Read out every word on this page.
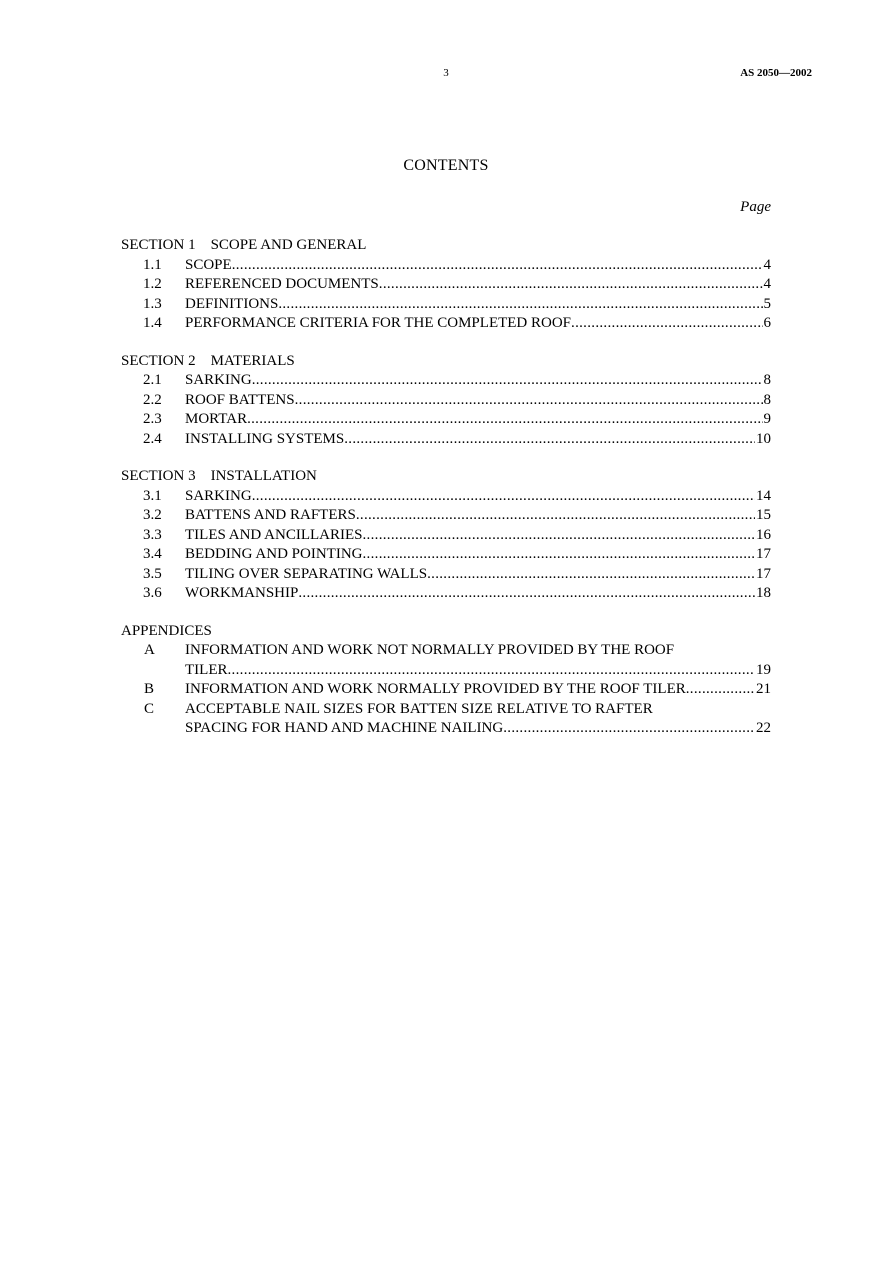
3	AS 2050—2002
CONTENTS
Page
SECTION 1    SCOPE AND GENERAL
1.1	SCOPE .....	4
1.2	REFERENCED DOCUMENTS .....	4
1.3	DEFINITIONS .....	5
1.4	PERFORMANCE CRITERIA FOR THE COMPLETED ROOF .....	6
SECTION 2    MATERIALS
2.1	SARKING .....	8
2.2	ROOF BATTENS .....	8
2.3	MORTAR .....	9
2.4	INSTALLING SYSTEMS .....	10
SECTION 3    INSTALLATION
3.1	SARKING .....	14
3.2	BATTENS AND RAFTERS .....	15
3.3	TILES AND ANCILLARIES .....	16
3.4	BEDDING AND POINTING .....	17
3.5	TILING OVER SEPARATING WALLS .....	17
3.6	WORKMANSHIP .....	18
APPENDICES
A	INFORMATION AND WORK NOT NORMALLY PROVIDED BY THE ROOF
TILER .....	19
B	INFORMATION AND WORK NORMALLY PROVIDED BY THE ROOF TILER .....	21
C	ACCEPTABLE NAIL SIZES FOR BATTEN SIZE RELATIVE TO RAFTER
SPACING FOR HAND AND MACHINE NAILING .....	22
